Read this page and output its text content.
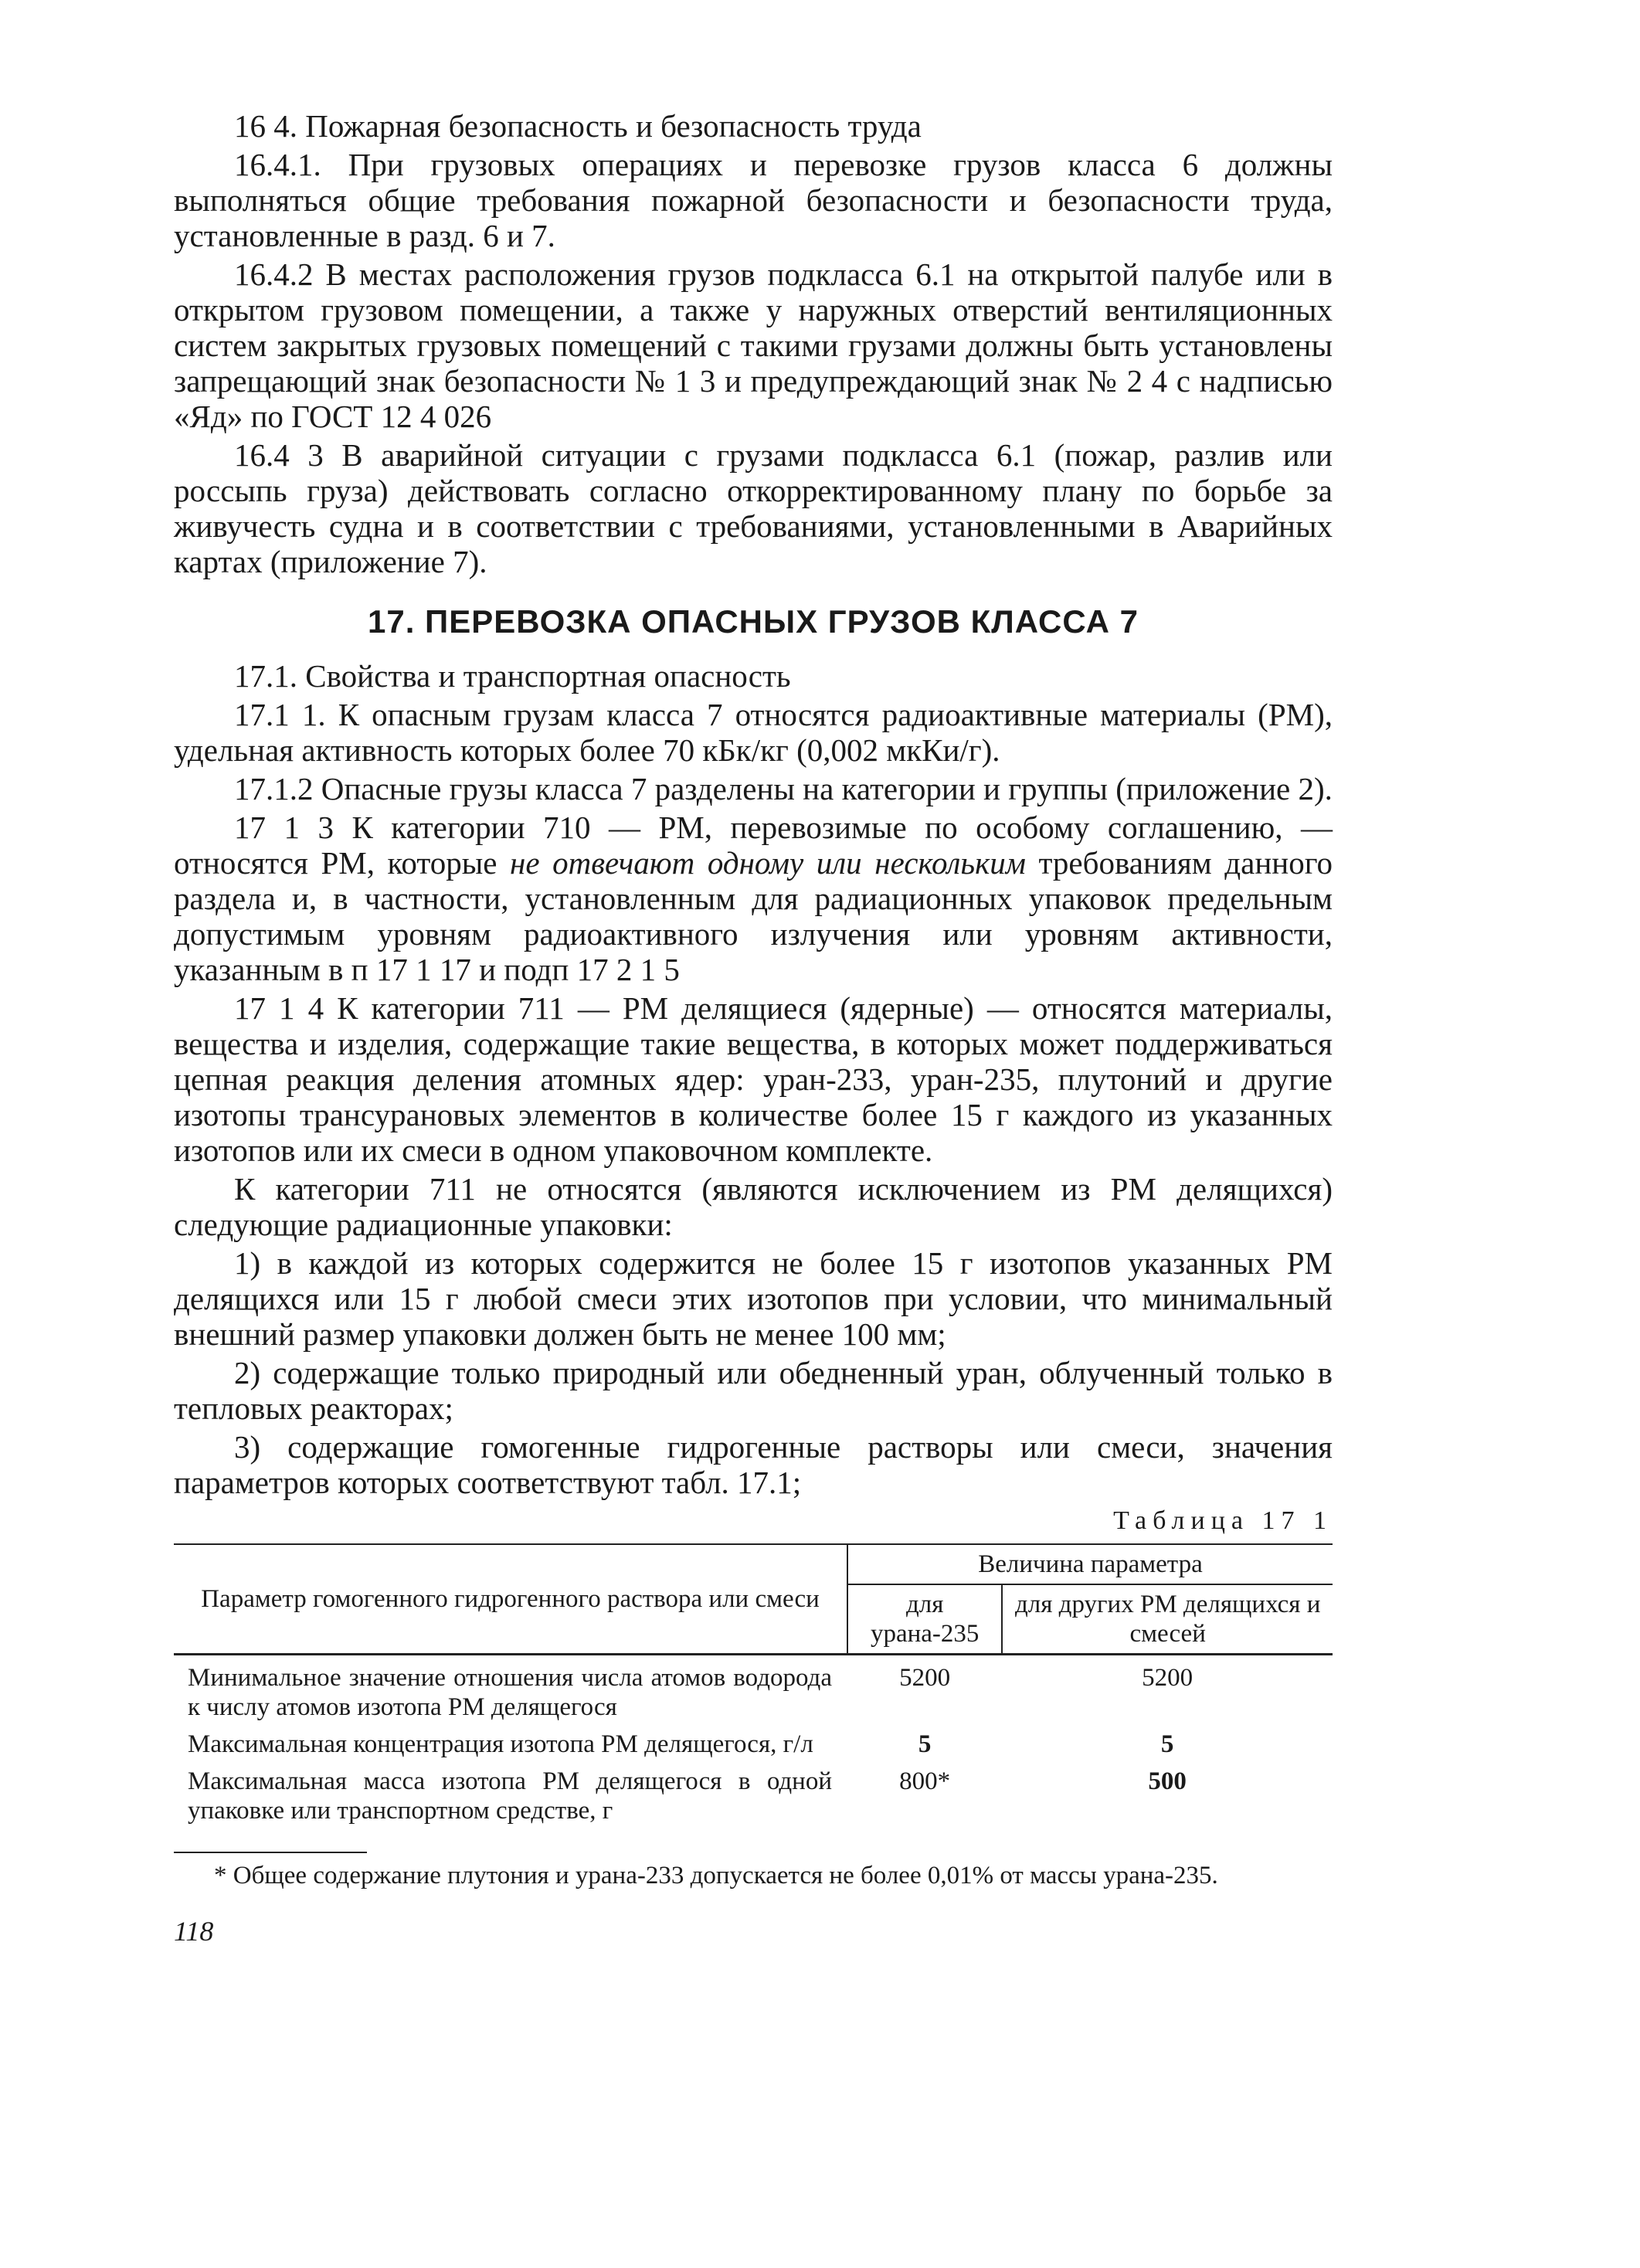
16 4. Пожарная безопасность и безопасность труда

16.4.1. При грузовых операциях и перевозке грузов класса 6 должны выполняться общие требования пожарной безопасности и безопасности труда, установленные в разд. 6 и 7.

16.4.2 В местах расположения грузов подкласса 6.1 на открытой палубе или в открытом грузовом помещении, а также у наружных отверстий вентиляционных систем закрытых грузовых помещений с такими грузами должны быть установлены запрещающий знак безопасности № 1 3 и предупреждающий знак № 2 4 с надписью «Яд» по ГОСТ 12 4 026

16.4 3 В аварийной ситуации с грузами подкласса 6.1 (пожар, разлив или россыпь груза) действовать согласно откорректированному плану по борьбе за живучесть судна и в соответствии с требованиями, установленными в Аварийных картах (приложение 7).

17. ПЕРЕВОЗКА ОПАСНЫХ ГРУЗОВ КЛАССА 7

17.1. Свойства и транспортная опасность

17.1 1. К опасным грузам класса 7 относятся радиоактивные материалы (РМ), удельная активность которых более 70 кБк/кг (0,002 мкКи/г).

17.1.2 Опасные грузы класса 7 разделены на категории и группы (приложение 2).

17 1 3 К категории 710 — РМ, перевозимые по особому соглашению, — относятся РМ, которые не отвечают одному или нескольким требованиям данного раздела и, в частности, установленным для радиационных упаковок предельным допустимым уровням радиоактивного излучения или уровням активности, указанным в п 17 1 17 и подп 17 2 1 5

17 1 4 К категории 711 — РМ делящиеся (ядерные) — относятся материалы, вещества и изделия, содержащие такие вещества, в которых может поддерживаться цепная реакция деления атомных ядер: уран-233, уран-235, плутоний и другие изотопы трансурановых элементов в количестве более 15 г каждого из указанных изотопов или их смеси в одном упаковочном комплекте.

К категории 711 не относятся (являются исключением из РМ делящихся) следующие радиационные упаковки:

1) в каждой из которых содержится не более 15 г изотопов указанных РМ делящихся или 15 г любой смеси этих изотопов при условии, что минимальный внешний размер упаковки должен быть не менее 100 мм;

2) содержащие только природный или обедненный уран, облученный только в тепловых реакторах;

3) содержащие гомогенные гидрогенные растворы или смеси, значения параметров которых соответствуют табл. 17.1;

Таблица 17 1
Параметр гомогенного гидрогенного раствора или смеси	Величина параметра	
	для урана-235	для других РМ делящихся и смесей
Минимальное значение отношения числа атомов водорода к числу атомов изотопа РМ делящегося	5200	5200
Максимальная концентрация изотопа РМ делящегося, г/л	5	5
Максимальная масса изотопа РМ делящегося в одной упаковке или транспортном средстве, г	800*	500

* Общее содержание плутония и урана-233 допускается не более 0,01% от массы урана-235.

118
